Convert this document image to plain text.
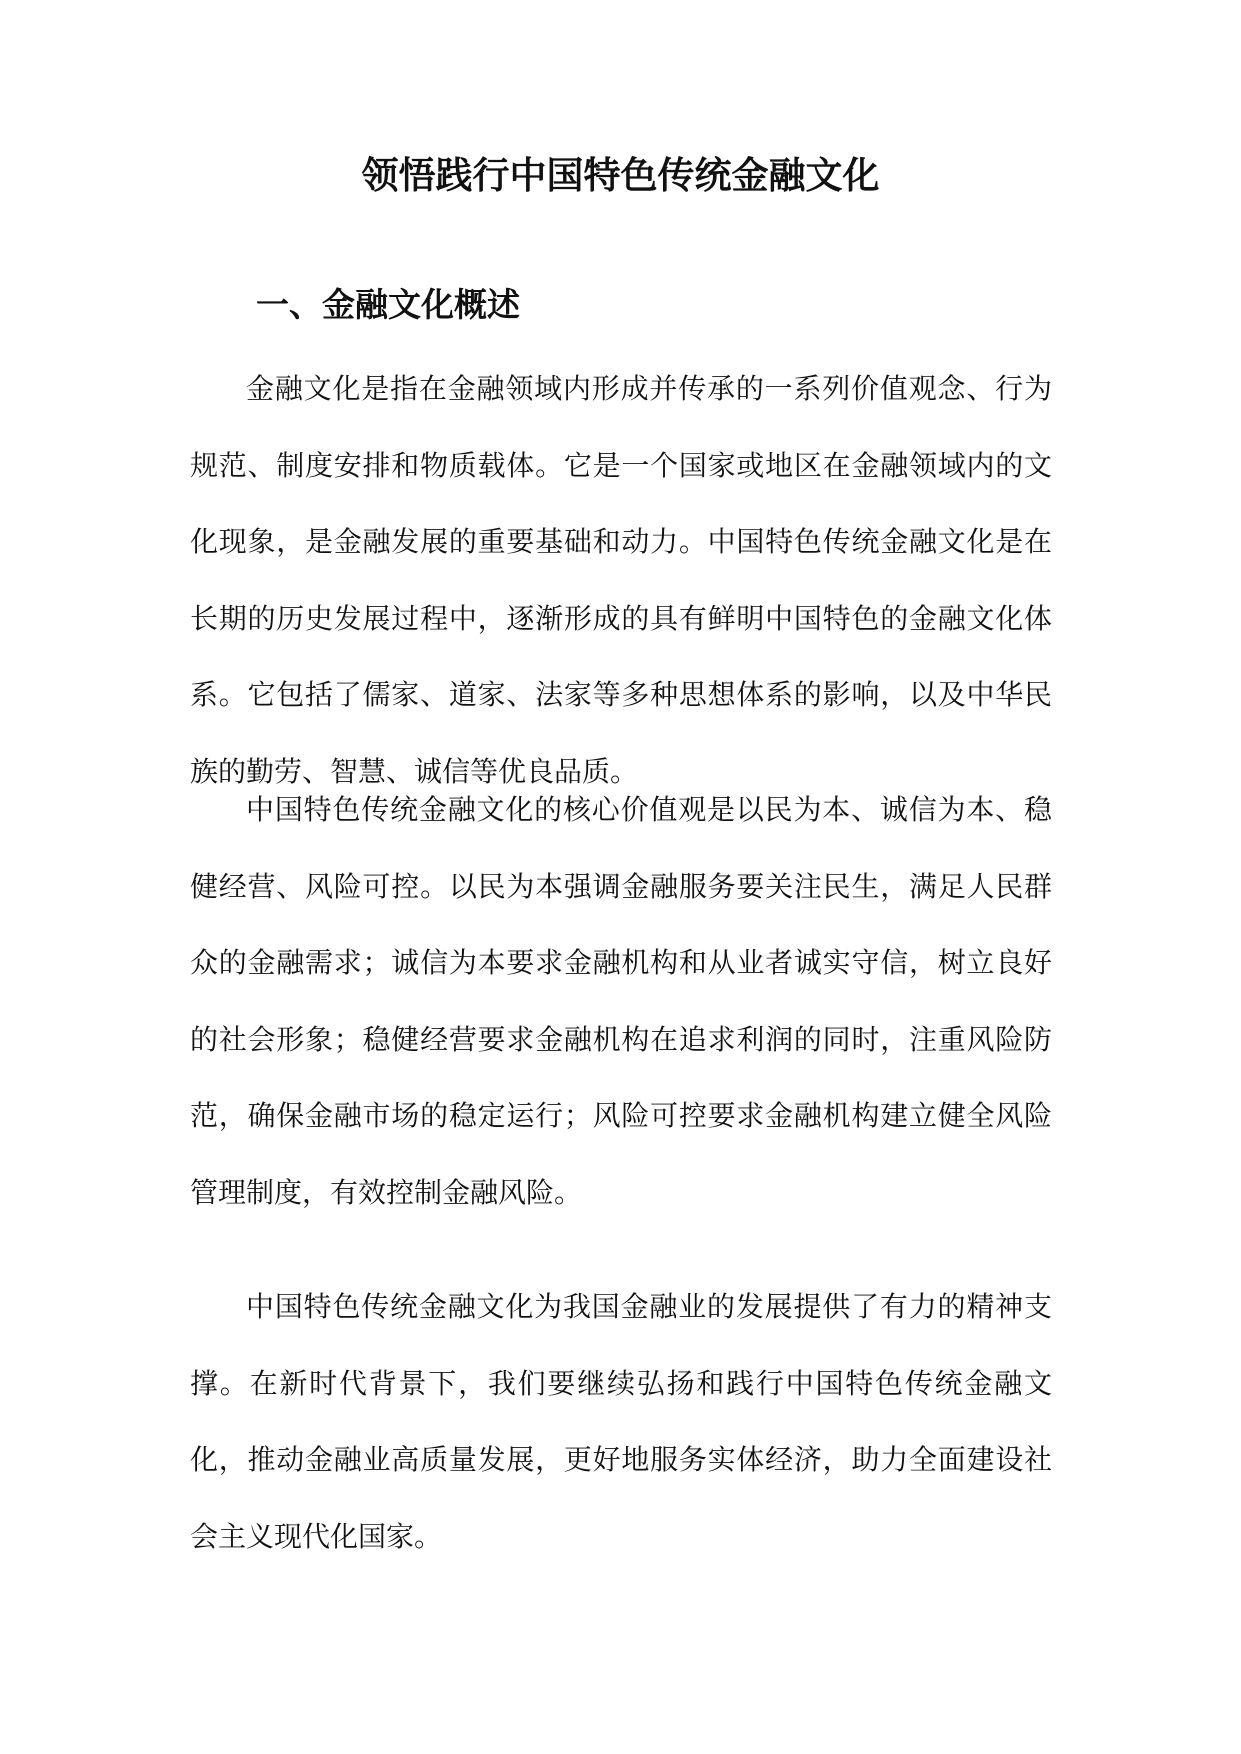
领悟践行中国特色传统金融文化
一、金融文化概述

金融文化是指在金融领域内形成并传承的一系列价值观念、行为规范、制度安排和物质载体。它是一个国家或地区在金融领域内的文化现象，是金融发展的重要基础和动力。中国特色传统金融文化是在长期的历史发展过程中，逐渐形成的具有鲜明中国特色的金融文化体系。它包括了儒家、道家、法家等多种思想体系的影响，以及中华民族的勤劳、智慧、诚信等优良品质。

中国特色传统金融文化的核心价值观是以民为本、诚信为本、稳健经营、风险可控。以民为本强调金融服务要关注民生，满足人民群众的金融需求；诚信为本要求金融机构和从业者诚实守信，树立良好的社会形象；稳健经营要求金融机构在追求利润的同时，注重风险防范，确保金融市场的稳定运行；风险可控要求金融机构建立健全风险管理制度，有效控制金融风险。

中国特色传统金融文化为我国金融业的发展提供了有力的精神支撑。在新时代背景下，我们要继续弘扬和践行中国特色传统金融文化，推动金融业高质量发展，更好地服务实体经济，助力全面建设社会主义现代化国家。
